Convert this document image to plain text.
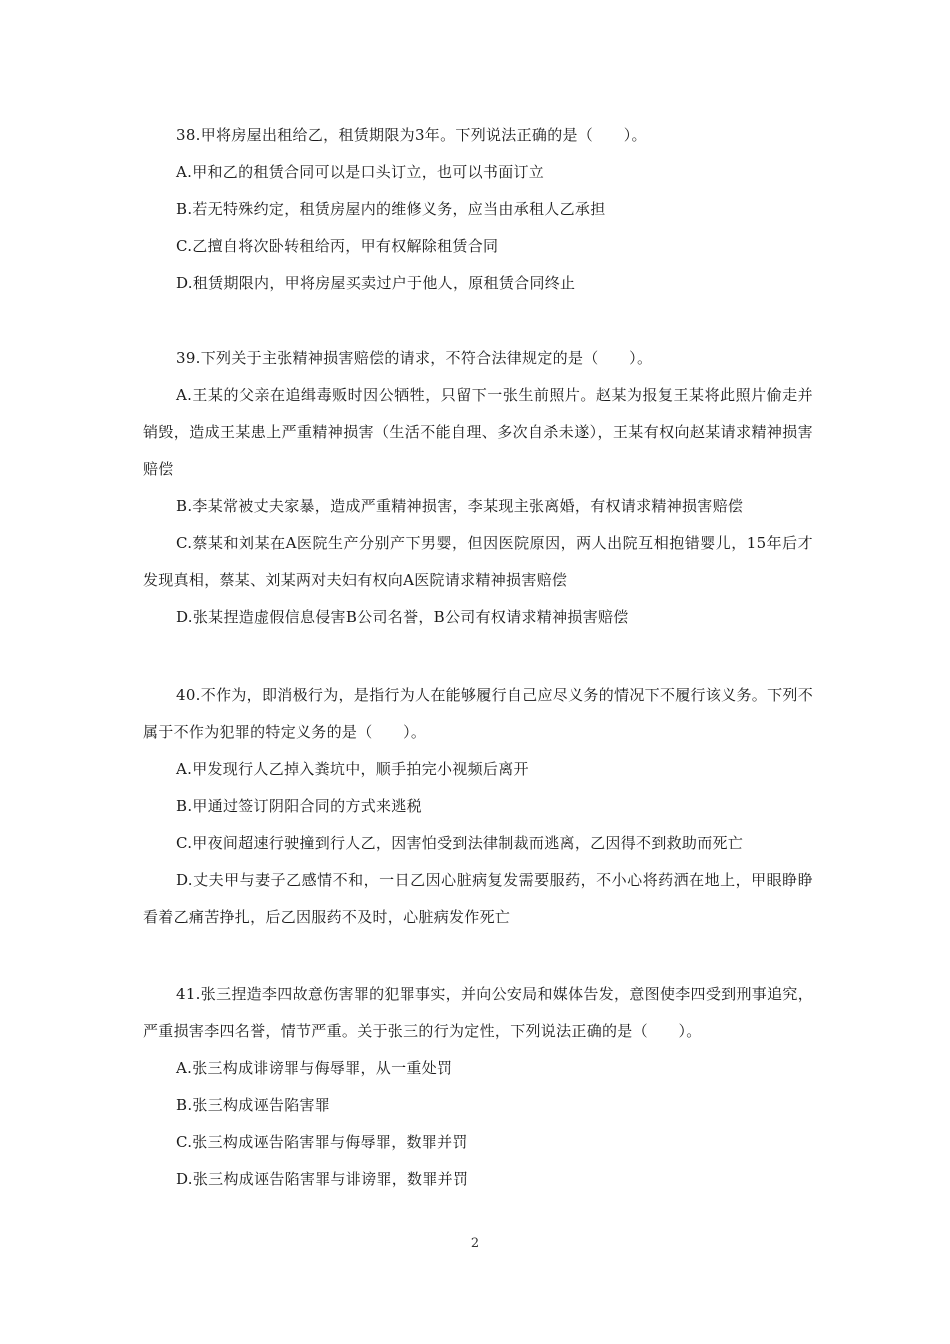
38.甲将房屋出租给乙，租赁期限为3年。下列说法正确的是（　　）。

A.甲和乙的租赁合同可以是口头订立，也可以书面订立

B.若无特殊约定，租赁房屋内的维修义务，应当由承租人乙承担

C.乙擅自将次卧转租给丙，甲有权解除租赁合同

D.租赁期限内，甲将房屋买卖过户于他人，原租赁合同终止

39.下列关于主张精神损害赔偿的请求，不符合法律规定的是（　　）。

A.王某的父亲在追缉毒贩时因公牺牲，只留下一张生前照片。赵某为报复王某将此照片偷走并销毁，造成王某患上严重精神损害（生活不能自理、多次自杀未遂），王某有权向赵某请求精神损害赔偿

B.李某常被丈夫家暴，造成严重精神损害，李某现主张离婚，有权请求精神损害赔偿

C.蔡某和刘某在A医院生产分别产下男婴，但因医院原因，两人出院互相抱错婴儿，15年后才发现真相，蔡某、刘某两对夫妇有权向A医院请求精神损害赔偿

D.张某捏造虚假信息侵害B公司名誉，B公司有权请求精神损害赔偿

40.不作为，即消极行为，是指行为人在能够履行自己应尽义务的情况下不履行该义务。下列不属于不作为犯罪的特定义务的是（　　）。

A.甲发现行人乙掉入粪坑中，顺手拍完小视频后离开

B.甲通过签订阴阳合同的方式来逃税

C.甲夜间超速行驶撞到行人乙，因害怕受到法律制裁而逃离，乙因得不到救助而死亡

D.丈夫甲与妻子乙感情不和，一日乙因心脏病复发需要服药，不小心将药洒在地上，甲眼睁睁看着乙痛苦挣扎，后乙因服药不及时，心脏病发作死亡

41.张三捏造李四故意伤害罪的犯罪事实，并向公安局和媒体告发，意图使李四受到刑事追究，严重损害李四名誉，情节严重。关于张三的行为定性，下列说法正确的是（　　）。

A.张三构成诽谤罪与侮辱罪，从一重处罚

B.张三构成诬告陷害罪

C.张三构成诬告陷害罪与侮辱罪，数罪并罚

D.张三构成诬告陷害罪与诽谤罪，数罪并罚

2
